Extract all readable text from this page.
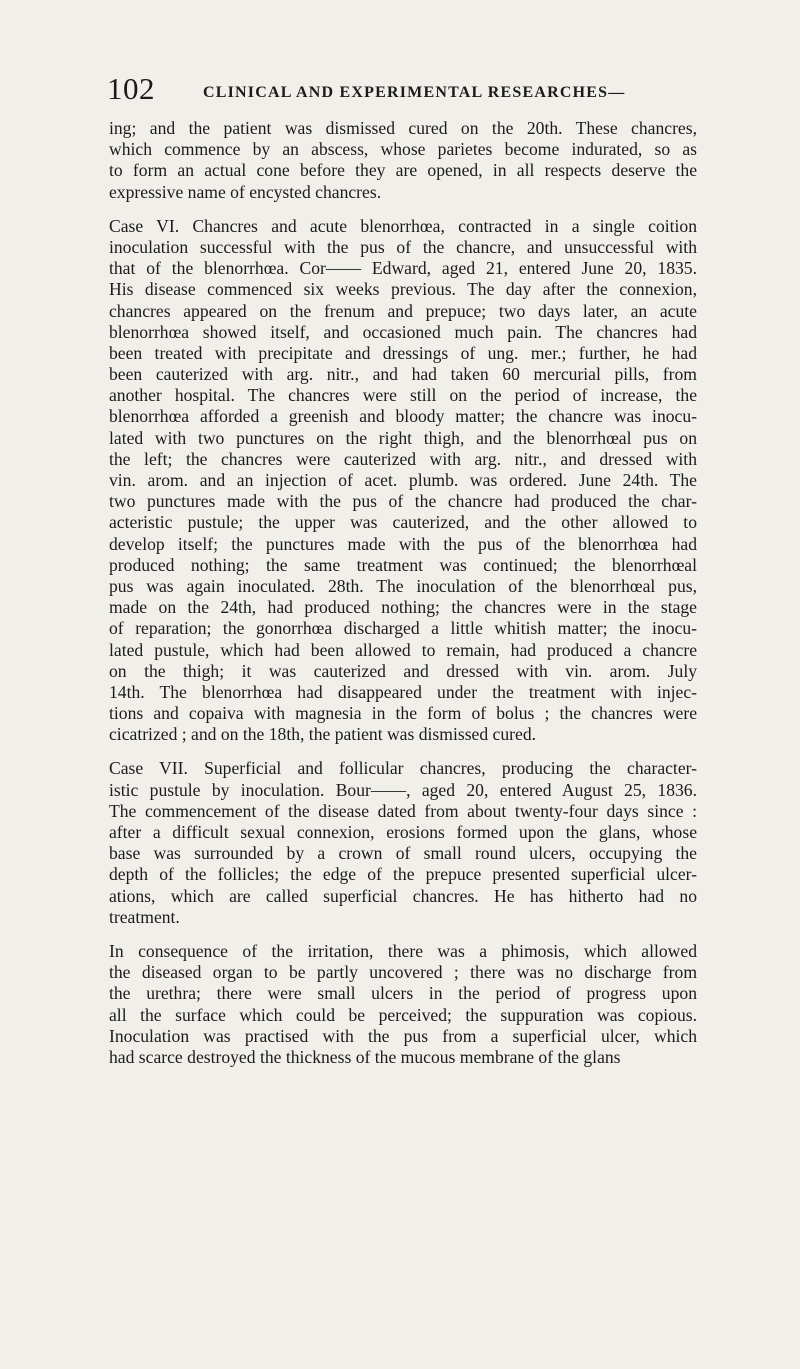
102	CLINICAL AND EXPERIMENTAL RESEARCHES—
ing; and the patient was dismissed cured on the 20th. These chancres,
which commence by an abscess, whose parietes become indurated, so as
to form an actual cone before they are opened, in all respects deserve the
expressive name of encysted chancres.
Case VI. Chancres and acute blenorrhœa, contracted in a single coition
inoculation successful with the pus of the chancre, and unsuccessful with
that of the blenorrhœa. Cor—— Edward, aged 21, entered June 20, 1835.
His disease commenced six weeks previous. The day after the connexion,
chancres appeared on the frenum and prepuce; two days later, an acute
blenorrhœa showed itself, and occasioned much pain. The chancres had
been treated with precipitate and dressings of ung. mer.; further, he had
been cauterized with arg. nitr., and had taken 60 mercurial pills, from
another hospital. The chancres were still on the period of increase, the
blenorrhœa afforded a greenish and bloody matter; the chancre was inocu-
lated with two punctures on the right thigh, and the blenorrhœal pus on
the left; the chancres were cauterized with arg. nitr., and dressed with
vin. arom. and an injection of acet. plumb. was ordered. June 24th. The
two punctures made with the pus of the chancre had produced the char-
acteristic pustule; the upper was cauterized, and the other allowed to
develop itself; the punctures made with the pus of the blenorrhœa had
produced nothing; the same treatment was continued; the blenorrhœal
pus was again inoculated. 28th. The inoculation of the blenorrhœal pus,
made on the 24th, had produced nothing; the chancres were in the stage
of reparation; the gonorrhœa discharged a little whitish matter; the inocu-
lated pustule, which had been allowed to remain, had produced a chancre
on the thigh; it was cauterized and dressed with vin. arom. July
14th. The blenorrhœa had disappeared under the treatment with injec-
tions and copaiva with magnesia in the form of bolus ; the chancres were
cicatrized ; and on the 18th, the patient was dismissed cured.
Case VII. Superficial and follicular chancres, producing the character-
istic pustule by inoculation. Bour——, aged 20, entered August 25, 1836.
The commencement of the disease dated from about twenty-four days since :
after a difficult sexual connexion, erosions formed upon the glans, whose
base was surrounded by a crown of small round ulcers, occupying the
depth of the follicles; the edge of the prepuce presented superficial ulcer-
ations, which are called superficial chancres. He has hitherto had no
treatment.
In consequence of the irritation, there was a phimosis, which allowed
the diseased organ to be partly uncovered ; there was no discharge from
the urethra; there were small ulcers in the period of progress upon
all the surface which could be perceived; the suppuration was copious.
Inoculation was practised with the pus from a superficial ulcer, which
had scarce destroyed the thickness of the mucous membrane of the glans
